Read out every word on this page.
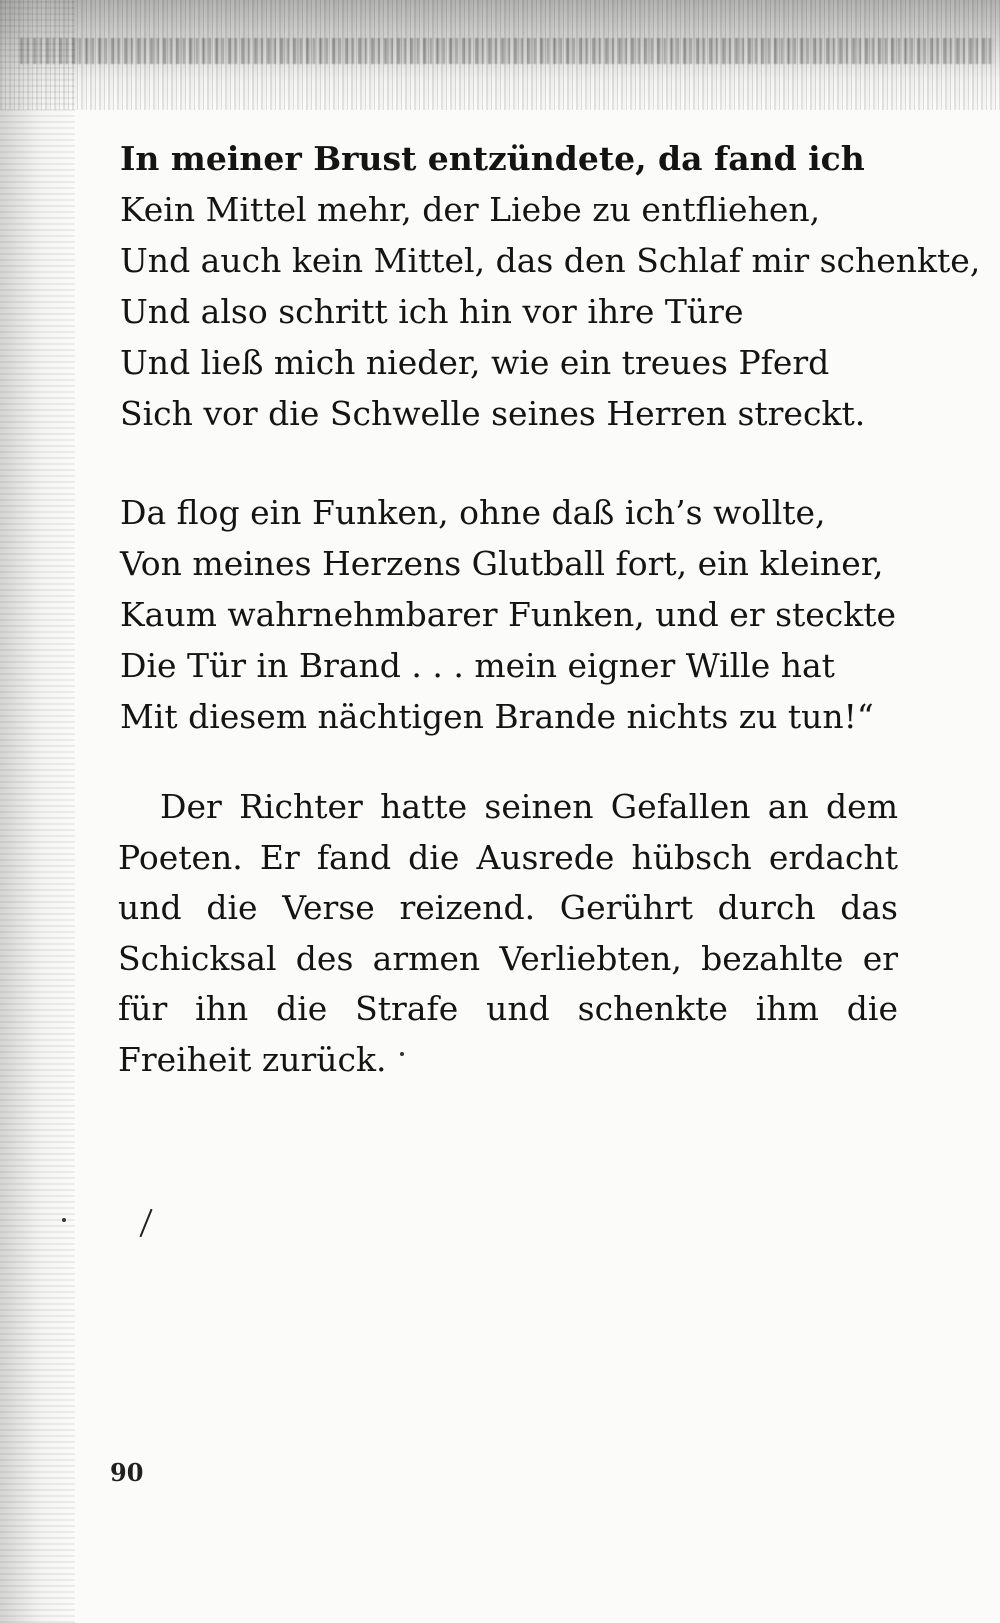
In meiner Brust entzündete, da fand ich
Kein Mittel mehr, der Liebe zu entfliehen,
Und auch kein Mittel, das den Schlaf mir schenkte,
Und also schritt ich hin vor ihre Türe
Und ließ mich nieder, wie ein treues Pferd
Sich vor die Schwelle seines Herren streckt.

Da flog ein Funken, ohne daß ich’s wollte,
Von meines Herzens Glutball fort, ein kleiner,
Kaum wahrnehmbarer Funken, und er steckte
Die Tür in Brand . . . mein eigner Wille hat
Mit diesem nächtigen Brande nichts zu tun!“

Der Richter hatte seinen Gefallen an dem Poeten. Er fand die Ausrede hübsch erdacht und die Verse reizend. Gerührt durch das Schicksal des armen Verliebten, bezahlte er für ihn die Strafe und schenkte ihm die Freiheit zurück.

90
